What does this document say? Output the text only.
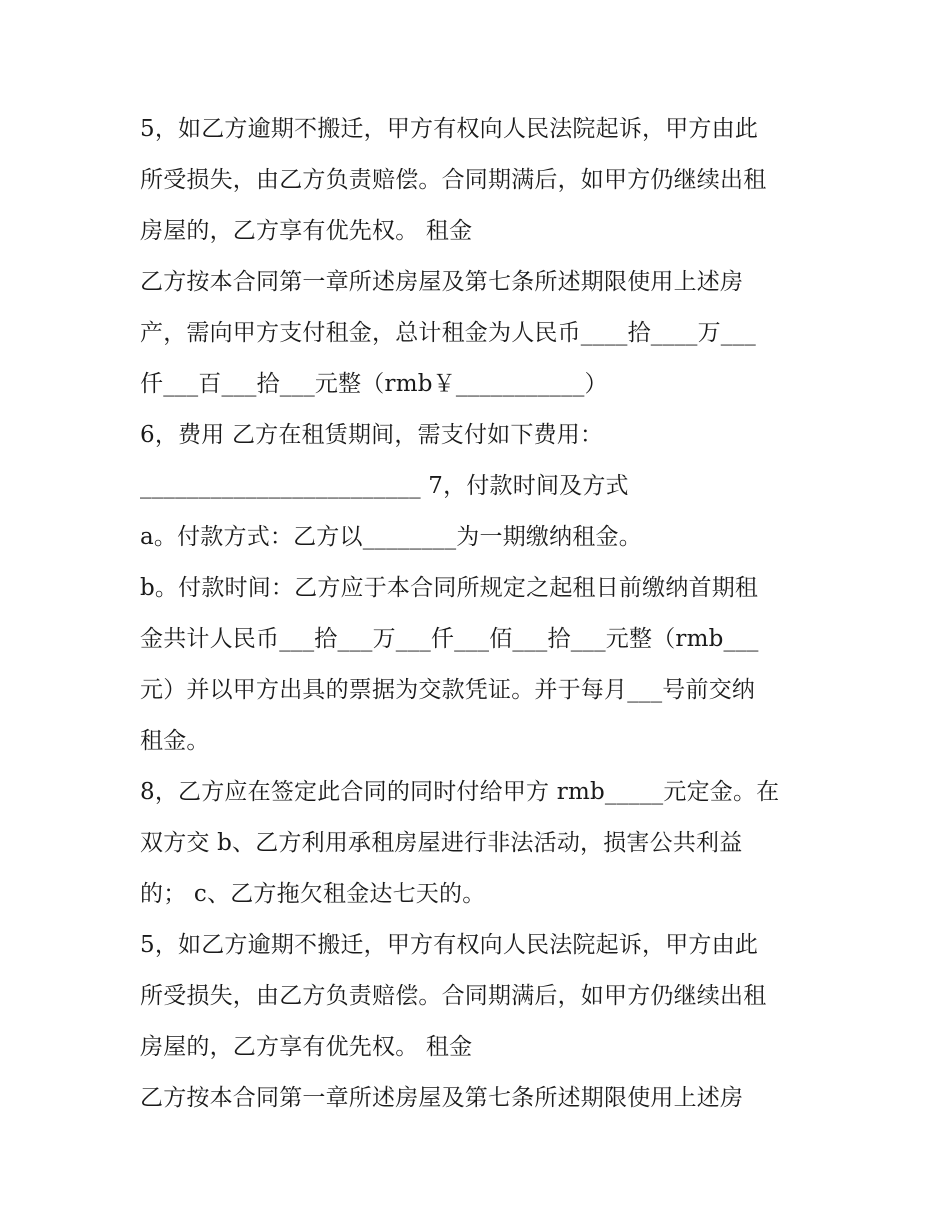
5，如乙方逾期不搬迁，甲方有权向人民法院起诉，甲方由此
所受损失，由乙方负责赔偿。合同期满后，如甲方仍继续出租
房屋的，乙方享有优先权。 租金
乙方按本合同第一章所述房屋及第七条所述期限使用上述房
产，需向甲方支付租金，总计租金为人民币____拾____万___
仟___百___拾___元整（rmb￥___________）
6，费用 乙方在租赁期间，需支付如下费用：
________________________ 7，付款时间及方式
a。付款方式：乙方以________为一期缴纳租金。
b。付款时间：乙方应于本合同所规定之起租日前缴纳首期租
金共计人民币___拾___万___仟___佰___拾___元整（rmb___
元）并以甲方出具的票据为交款凭证。并于每月___号前交纳
租金。
8，乙方应在签定此合同的同时付给甲方 rmb_____元定金。在
双方交 b、乙方利用承租房屋进行非法活动，损害公共利益
的； c、乙方拖欠租金达七天的。
5，如乙方逾期不搬迁，甲方有权向人民法院起诉，甲方由此
所受损失，由乙方负责赔偿。合同期满后，如甲方仍继续出租
房屋的，乙方享有优先权。 租金
乙方按本合同第一章所述房屋及第七条所述期限使用上述房
